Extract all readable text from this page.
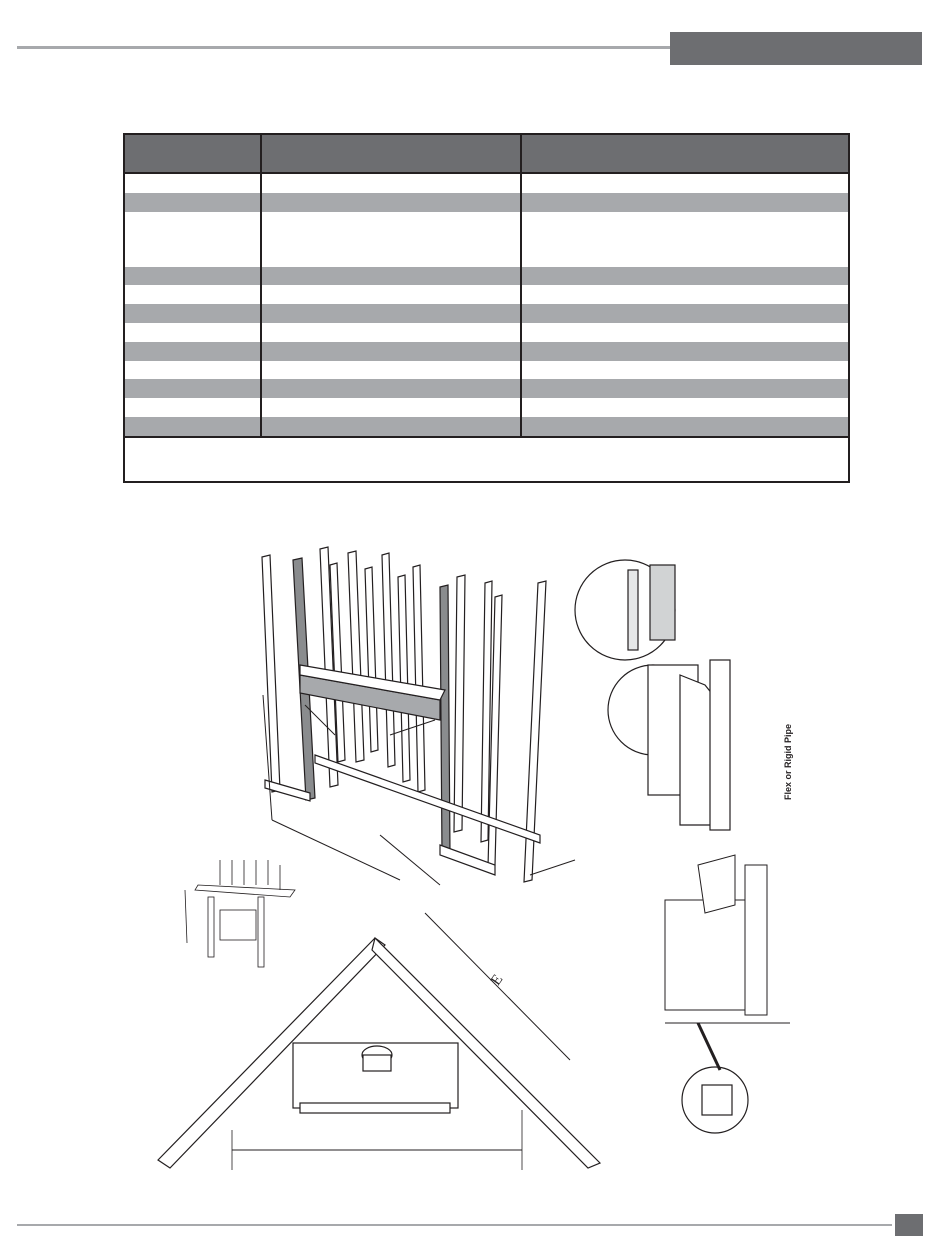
Flex or Rigid Pipe
E
